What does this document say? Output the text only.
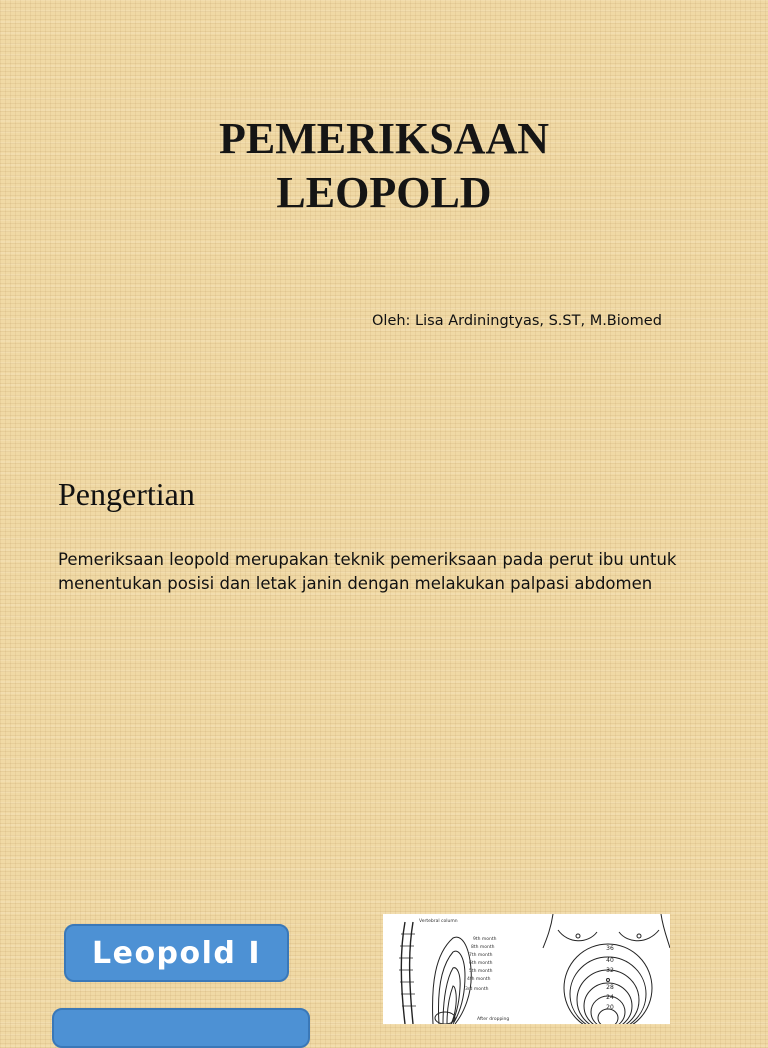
PEMERIKSAAN
LEOPOLD
Oleh: Lisa Ardiningtyas, S.ST, M.Biomed
Pengertian

Pemeriksaan leopold merupakan teknik pemeriksaan pada perut ibu untuk menentukan posisi dan letak janin dengan melakukan palpasi abdomen

Leopold I
Vertebral column
9th month
8th month
7th month
6th month
5th month
4th month
3rd month
After dropping
36
40
32
28
24
20
